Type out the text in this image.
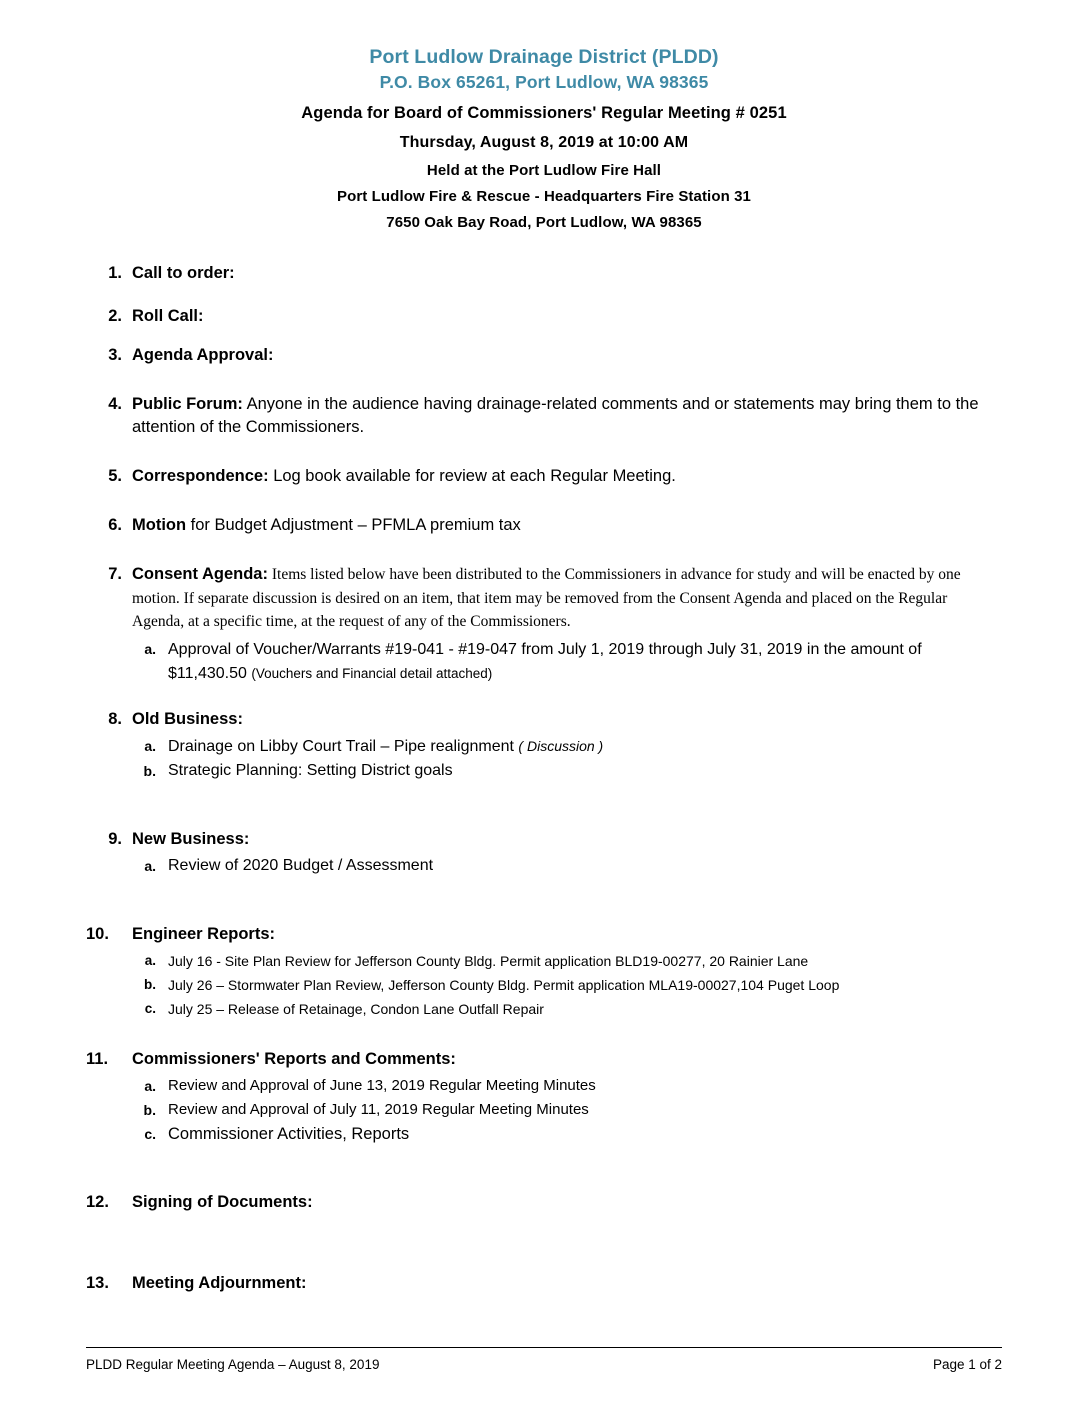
Port Ludlow Drainage District (PLDD)
P.O. Box 65261, Port Ludlow, WA 98365
Agenda for Board of Commissioners' Regular Meeting # 0251
Thursday, August 8, 2019 at 10:00 AM
Held at the Port Ludlow Fire Hall
Port Ludlow Fire & Rescue - Headquarters Fire Station 31
7650 Oak Bay Road, Port Ludlow, WA 98365
1. Call to order:
2. Roll Call:
3. Agenda Approval:
4. Public Forum: Anyone in the audience having drainage-related comments and or statements may bring them to the attention of the Commissioners.
5. Correspondence: Log book available for review at each Regular Meeting.
6. Motion for Budget Adjustment – PFMLA premium tax
7. Consent Agenda: Items listed below have been distributed to the Commissioners in advance for study and will be enacted by one motion. If separate discussion is desired on an item, that item may be removed from the Consent Agenda and placed on the Regular Agenda, at a specific time, at the request of any of the Commissioners.
a. Approval of Voucher/Warrants #19-041 - #19-047 from July 1, 2019 through July 31, 2019 in the amount of $11,430.50 (Vouchers and Financial detail attached)
8. Old Business:
a. Drainage on Libby Court Trail – Pipe realignment ( Discussion )
b. Strategic Planning: Setting District goals
9. New Business:
a. Review of 2020 Budget / Assessment
10.	Engineer Reports:
a. July 16 - Site Plan Review for Jefferson County Bldg. Permit application BLD19-00277, 20 Rainier Lane
b. July 26 – Stormwater Plan Review, Jefferson County Bldg. Permit application MLA19-00027,104 Puget Loop
c. July 25 – Release of Retainage, Condon Lane Outfall Repair
11.	Commissioners' Reports and Comments:
a. Review and Approval of June 13, 2019 Regular Meeting Minutes
b. Review and Approval of July 11, 2019 Regular Meeting Minutes
c. Commissioner Activities, Reports
12.	Signing of Documents:
13.	Meeting Adjournment:
PLDD Regular Meeting Agenda – August 8, 2019	Page 1 of 2
